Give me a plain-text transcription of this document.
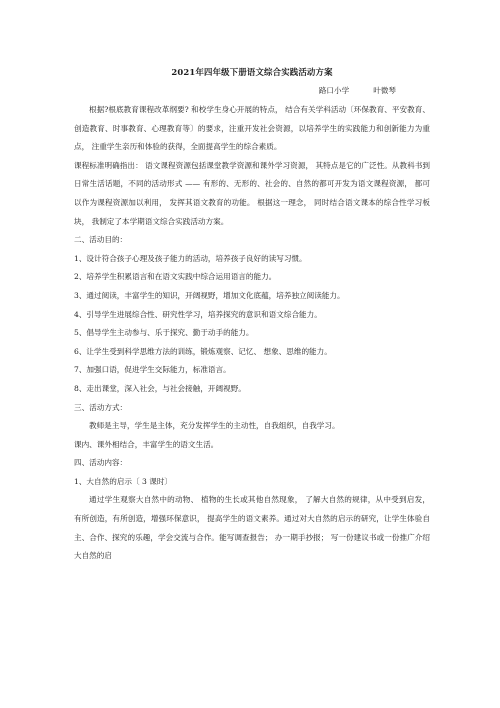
2021年四年级下册语文综合实践活动方案
路口小学	叶微琴

根据?根底教育课程改革纲要? 和校学生身心开展的特点， 结合有关学科活动〔环保教育、平安教育、创造教育、时事教育、心理教育等〕的要求，注重开发社会资源，以培养学生的实践能力和创新能力为重点， 注重学生亲历和体验的获得，全面提高学生的综合素质。

课程标准明确指出： 语文课程资源包括课堂教学资源和课外学习资源， 其特点是它的广泛性。从教科书到日常生活话题，不同的活动形式 —— 有形的、无形的、社会的、自然的都可开发为语文课程资源， 都可以作为课程资源加以利用， 发挥其语文教育的功能。 根据这一理念， 同时结合语文课本的综合性学习板块， 我制定了本学期语文综合实践活动方案。

二、活动目的：

1、设计符合孩子心理及孩子能力的活动，培养孩子良好的读写习惯。

2、培养学生积累语言和在语文实践中综合运用语言的能力。

3、通过阅读，丰富学生的知识，开阔视野，增加文化底蕴，培养独立阅读能力。

4、引导学生进展综合性、研究性学习，培养探究的意识和语文综合能力。

5、倡导学生主动参与、乐于探究、勤于动手的能力。

6、让学生受到科学思维方法的训练，锻炼观察、记忆、 想象、思维的能力。

7、加强口语，促进学生交际能力，标准语言。

8、走出课堂，深入社会，与社会接触，开阔视野。

三、活动方式：

教师是主导，学生是主体，充分发挥学生的主动性，自我组织，自我学习。

课内、课外相结合，丰富学生的语文生活。

四、活动内容：

1、大自然的启示〔 3 课时〕

通过学生观察大自然中的动物、 植物的生长或其他自然现象， 了解大自然的规律，从中受到启发， 有所创造，有所创造，增强环保意识， 提高学生的语文素养。通过对大自然的启示的研究，让学生体验自主、合作、探究的乐趣，学会交流与合作。能写调查报告； 办一期手抄报； 写一份建议书或一份推广介绍大自然的启
